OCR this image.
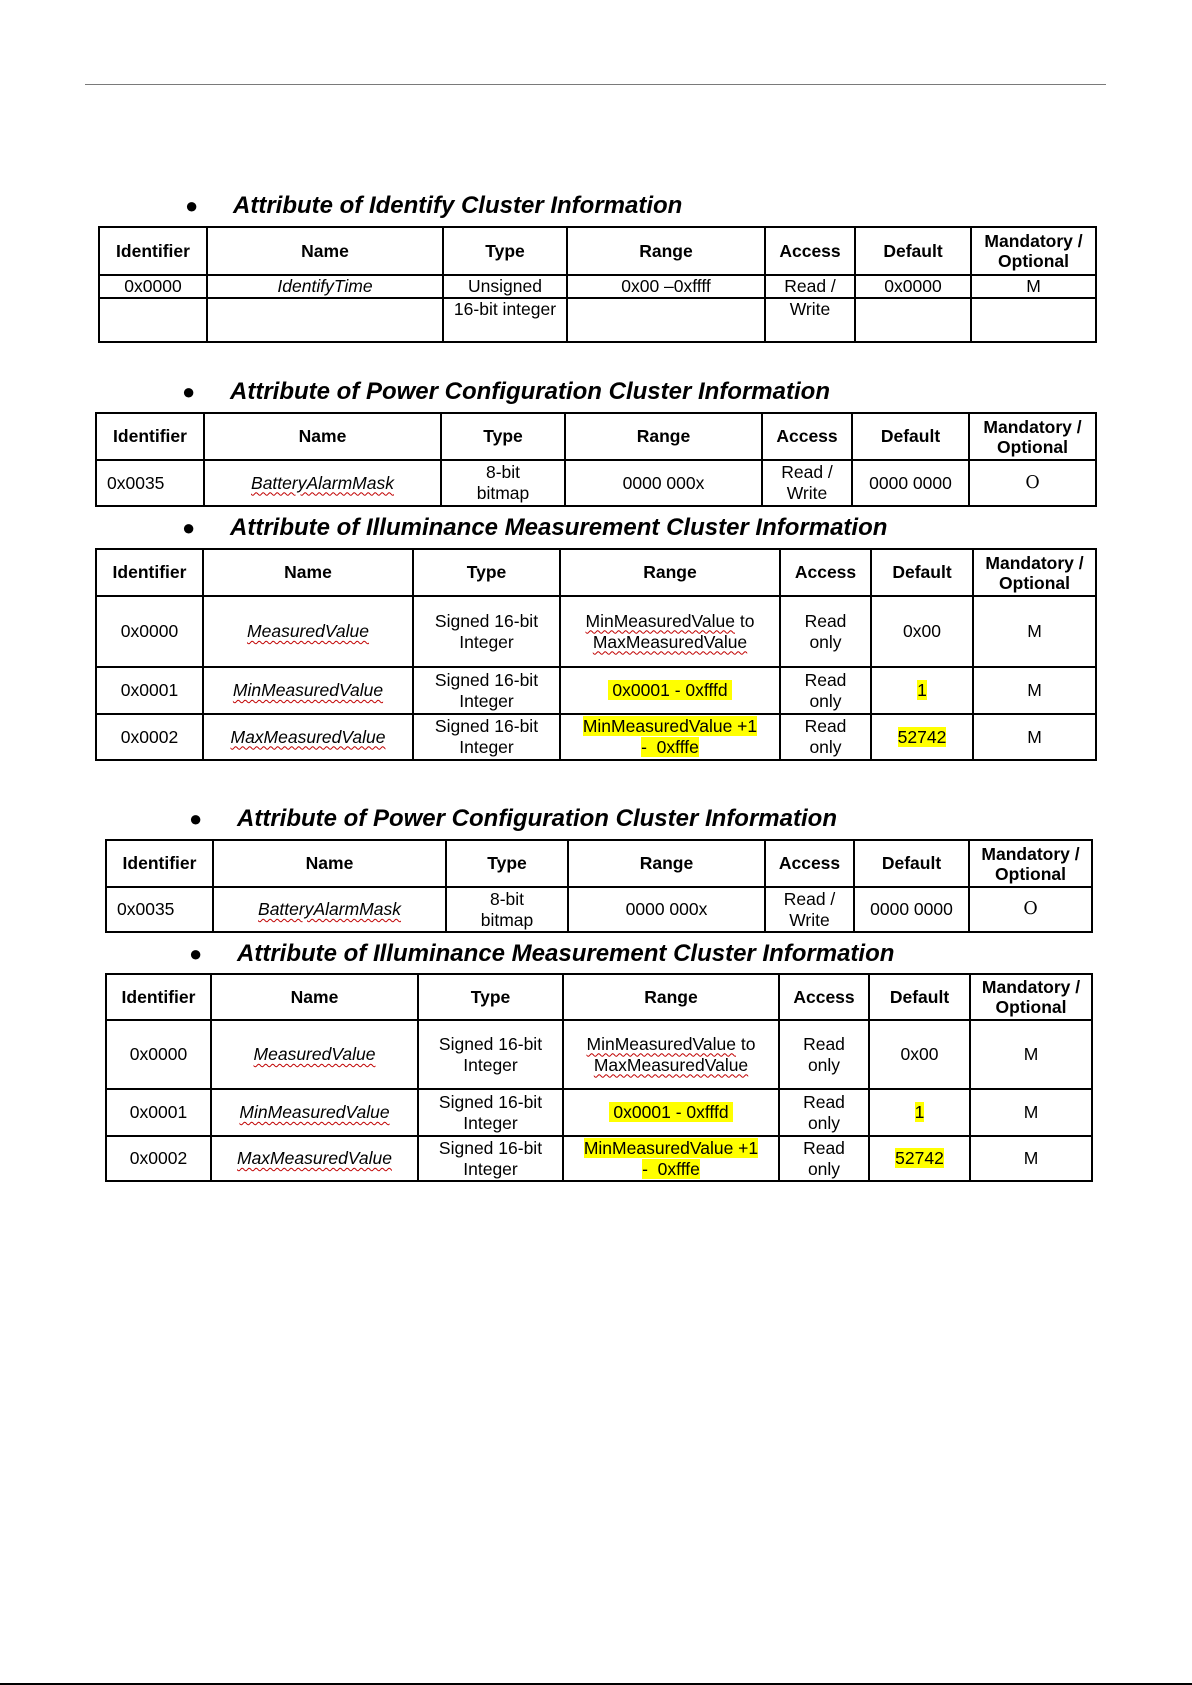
● Attribute of Identify Cluster Information
Identifier	Name	Type	Range	Access	Default	Mandatory / Optional
0x0000	IdentifyTime	Unsigned	0x00 –0xffff	Read /	0x0000	M
		16-bit integer		Write		
● Attribute of Power Configuration Cluster Information
Identifier	Name	Type	Range	Access	Default	Mandatory / Optional
0x0035	BatteryAlarmMask	8-bit bitmap	0000 000x	Read / Write	0000 0000	O
● Attribute of Illuminance Measurement Cluster Information
Identifier	Name	Type	Range	Access	Default	Mandatory / Optional
0x0000	MeasuredValue	Signed 16-bit Integer	MinMeasuredValue to
MaxMeasuredValue	Read only	0x00	M
0x0001	MinMeasuredValue	Signed 16-bit Integer	0x0001 - 0xfffd	Read only	1	M
0x0002	MaxMeasuredValue	Signed 16-bit Integer	MinMeasuredValue +1
-  0xfffe	Read only	52742	M
● Attribute of Power Configuration Cluster Information
Identifier	Name	Type	Range	Access	Default	Mandatory / Optional
0x0035	BatteryAlarmMask	8-bit bitmap	0000 000x	Read / Write	0000 0000	O
● Attribute of Illuminance Measurement Cluster Information
Identifier	Name	Type	Range	Access	Default	Mandatory / Optional
0x0000	MeasuredValue	Signed 16-bit Integer	MinMeasuredValue to
MaxMeasuredValue	Read only	0x00	M
0x0001	MinMeasuredValue	Signed 16-bit Integer	0x0001 - 0xfffd	Read only	1	M
0x0002	MaxMeasuredValue	Signed 16-bit Integer	MinMeasuredValue +1
-  0xfffe	Read only	52742	M
